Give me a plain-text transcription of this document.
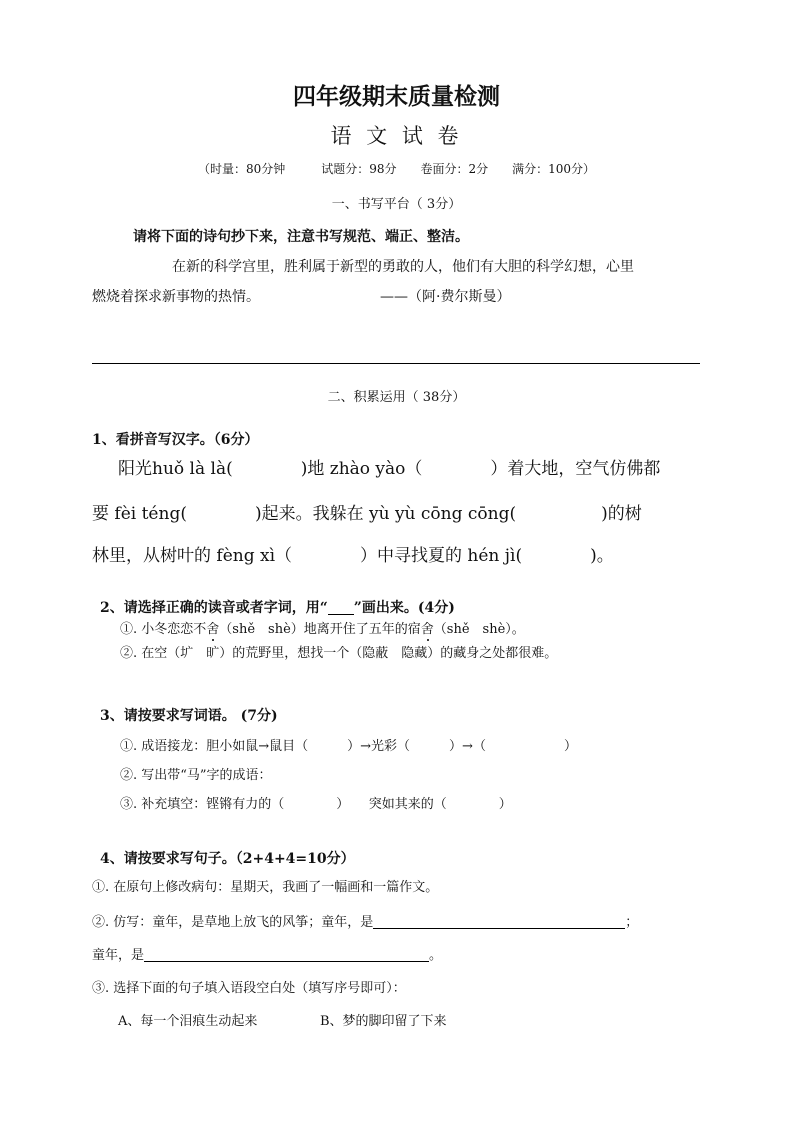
四年级期末质量检测
语 文 试 卷
（时量：80分钟　　　试题分：98分　　卷面分：2分　　满分：100分）
一、书写平台（ 3分）
请将下面的诗句抄下来，注意书写规范、端正、整洁。
在新的科学宫里，胜利属于新型的勇敢的人，他们有大胆的科学幻想，心里
燃烧着探求新事物的热情。	——（阿·费尔斯曼）
二、积累运用（ 38分）
1、看拼音写汉字。（6分）
阳光huǒ là là(　　　　)地 zhào yào（　　　　）着大地，空气仿佛都
要 fèi téng(　　　　)起来。我躲在 yù yù cōng cōng(　　　　　)的树
林里，从树叶的 fèng xì（　　　　）中寻找夏的 hén jì(　　　　)。
2、请选择正确的读音或者字词，用“ ”画出来。(4分)
①. 小冬恋恋不舍（shě　shè）地离开住了五年的宿舍（shě　shè）。
②. 在空（圹　旷）的荒野里，想找一个（隐蔽　隐藏）的藏身之处都很难。
3、请按要求写词语。 (7分)
①. 成语接龙：胆小如鼠→鼠目（　　　）→光彩（　　　）→（　　　　　　）
②. 写出带“马”字的成语：
③. 补充填空：铿锵有力的（　　　　）　　突如其来的（　　　　）
4、请按要求写句子。（2+4+4=10分）
①. 在原句上修改病句：星期天，我画了一幅画和一篇作文。
②. 仿写：童年，是草地上放飞的风筝；童年，是	；
童年，是	。
③. 选择下面的句子填入语段空白处（填写序号即可）：
A、每一个泪痕生动起来	B、梦的脚印留了下来
